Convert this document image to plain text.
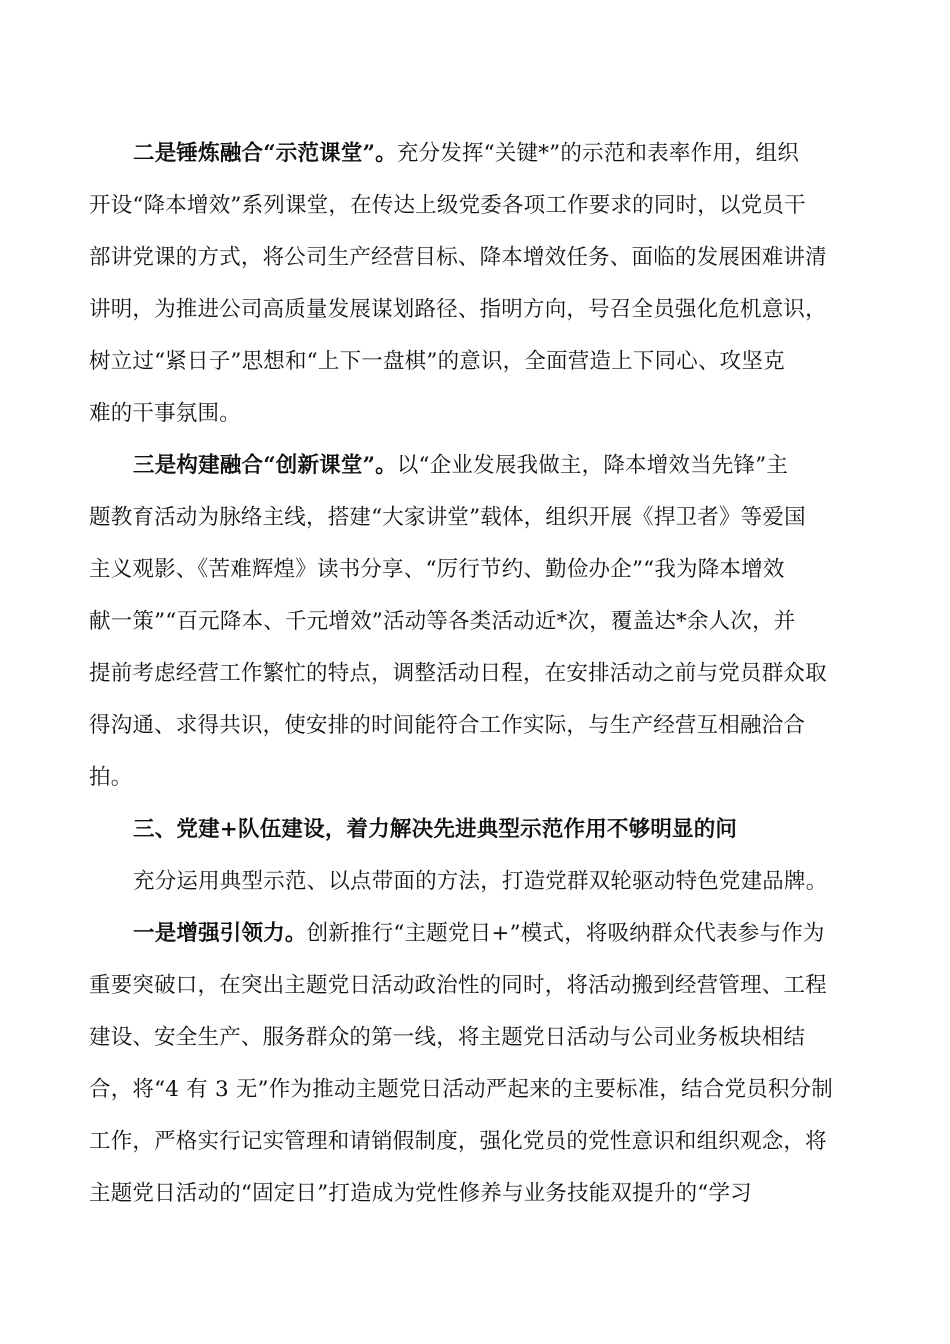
二是锤炼融合“示范课堂”。充分发挥“关键*”的示范和表率作用，组织
开设“降本增效”系列课堂，在传达上级党委各项工作要求的同时，以党员干
部讲党课的方式，将公司生产经营目标、降本增效任务、面临的发展困难讲清
讲明，为推进公司高质量发展谋划路径、指明方向，号召全员强化危机意识，
树立过“紧日子”思想和“上下一盘棋”的意识，全面营造上下同心、攻坚克
难的干事氛围。
三是构建融合“创新课堂”。以“企业发展我做主，降本增效当先锋”主
题教育活动为脉络主线，搭建“大家讲堂”载体，组织开展《捍卫者》等爱国
主义观影、《苦难辉煌》读书分享、“厉行节约、勤俭办企”“我为降本增效
献一策”“百元降本、千元增效”活动等各类活动近*次，覆盖达*余人次，并
提前考虑经营工作繁忙的特点，调整活动日程，在安排活动之前与党员群众取
得沟通、求得共识，使安排的时间能符合工作实际，与生产经营互相融洽合
拍。
三、党建+队伍建设，着力解决先进典型示范作用不够明显的问
充分运用典型示范、以点带面的方法，打造党群双轮驱动特色党建品牌。
一是增强引领力。创新推行“主题党日+”模式，将吸纳群众代表参与作为
重要突破口，在突出主题党日活动政治性的同时，将活动搬到经营管理、工程
建设、安全生产、服务群众的第一线，将主题党日活动与公司业务板块相结
合，将“4 有 3 无”作为推动主题党日活动严起来的主要标准，结合党员积分制
工作，严格实行记实管理和请销假制度，强化党员的党性意识和组织观念，将
主题党日活动的“固定日”打造成为党性修养与业务技能双提升的“学习
